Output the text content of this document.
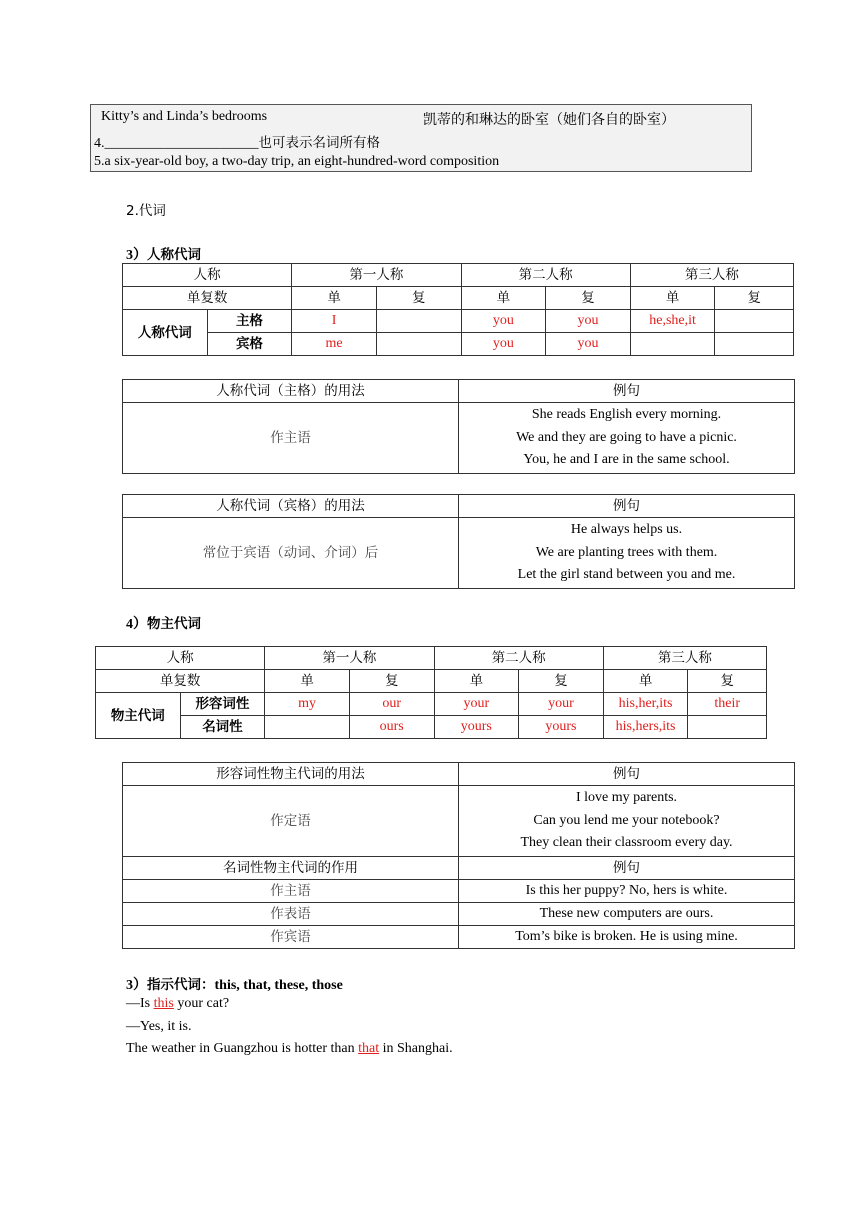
Kitty’s and Linda’s bedrooms	凯蒂的和琳达的卧室（她们各自的卧室）
4.______________________也可表示名词所有格
5.a six-year-old boy, a two-day trip, an eight-hundred-word composition
2.代词
3）人称代词
人称		第一人称		第二人称		第三人称	
单复数		单	复	单	复	单	复
人称代词	主格	I		you	you	he,she,it	
	宾格	me		you	you		
人称代词（主格）的用法	例句
作主语	She reads English every morning.
We and they are going to have a picnic.
You, he and I are in the same school.
人称代词（宾格）的用法	例句
常位于宾语（动词、介词）后	He always helps us.
We are planting trees with them.
Let the girl stand between you and me.
4）物主代词
人称		第一人称		第二人称		第三人称	
单复数		单	复	单	复	单	复
物主代词	形容词性	my	our	your	your	his,her,its	their
	名词性		ours	yours	yours	his,hers,its	
形容词性物主代词的用法	例句
作定语	I love my parents.
Can you lend me your notebook?
They clean their classroom every day.

名词性物主代词的作用	例句
作主语	Is this her puppy? No, hers is white.
作表语	These new computers are ours.
作宾语	Tom’s bike is broken. He is using mine.
3）指示代词：this, that, these, those
—Is this your cat?
—Yes, it is.
The weather in Guangzhou is hotter than that in Shanghai.
